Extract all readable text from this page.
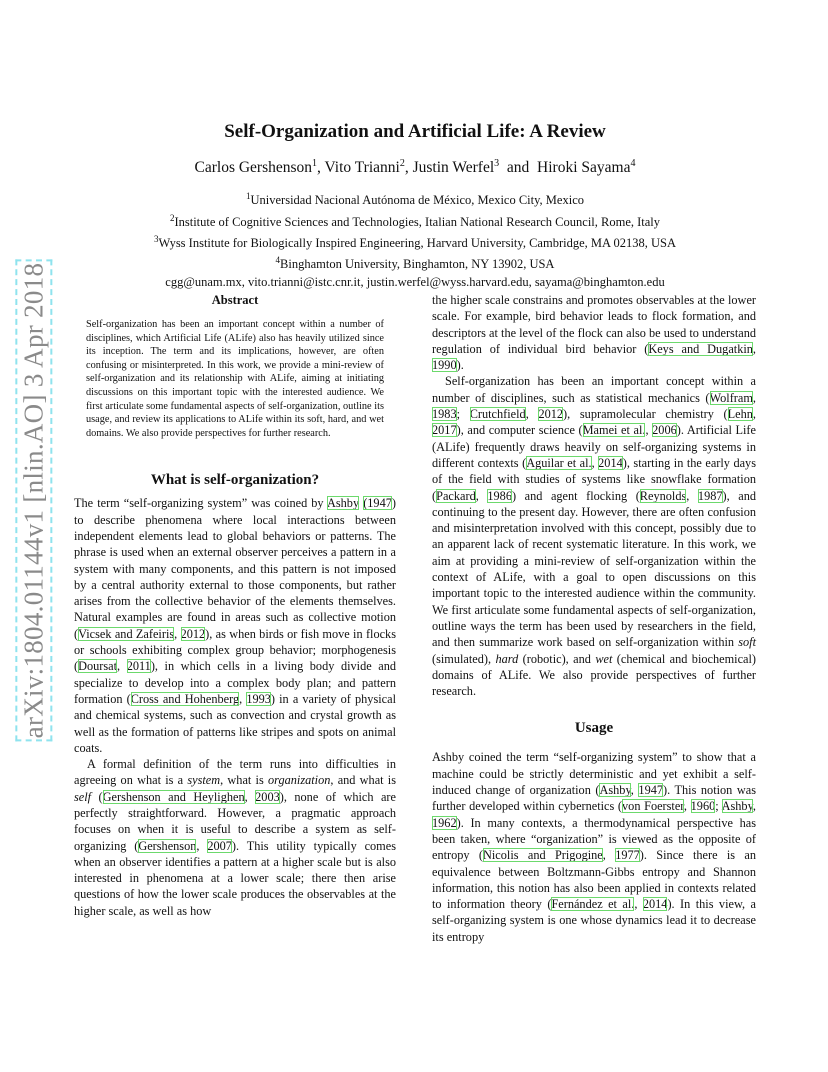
arXiv:1804.01144v1 [nlin.AO] 3 Apr 2018
Self-Organization and Artificial Life: A Review
Carlos Gershenson$^1$, Vito Trianni$^2$, Justin Werfel$^3$  and  Hiroki Sayama$^4$
$^1$Universidad Nacional Autónoma de México, Mexico City, Mexico
$^2$Institute of Cognitive Sciences and Technologies, Italian National Research Council, Rome, Italy
$^3$Wyss Institute for Biologically Inspired Engineering, Harvard University, Cambridge, MA 02138, USA
$^4$Binghamton University, Binghamton, NY 13902, USA
cgg@unam.mx, vito.trianni@istc.cnr.it, justin.werfel@wyss.harvard.edu, sayama@binghamton.edu
Abstract

Self-organization has been an important concept within a number of disciplines, which Artificial Life (ALife) also has heavily utilized since its inception. The term and its implications, however, are often confusing or misinterpreted. In this work, we provide a mini-review of self-organization and its relationship with ALife, aiming at initiating discussions on this important topic with the interested audience. We first articulate some fundamental aspects of self-organization, outline its usage, and review its applications to ALife within its soft, hard, and wet domains. We also provide perspectives for further research.

What is self-organization?

The term “self-organizing system” was coined by Ashby (1947) to describe phenomena where local interactions between independent elements lead to global behaviors or patterns. The phrase is used when an external observer perceives a pattern in a system with many components, and this pattern is not imposed by a central authority external to those components, but rather arises from the collective behavior of the elements themselves. Natural examples are found in areas such as collective motion (Vicsek and Zafeiris, 2012), as when birds or fish move in flocks or schools exhibiting complex group behavior; morphogenesis (Doursat, 2011), in which cells in a living body divide and specialize to develop into a complex body plan; and pattern formation (Cross and Hohenberg, 1993) in a variety of physical and chemical systems, such as convection and crystal growth as well as the formation of patterns like stripes and spots on animal coats.

A formal definition of the term runs into difficulties in agreeing on what is a system, what is organization, and what is self (Gershenson and Heylighen, 2003), none of which are perfectly straightforward. However, a pragmatic approach focuses on when it is useful to describe a system as self-organizing (Gershenson, 2007). This utility typically comes when an observer identifies a pattern at a higher scale but is also interested in phenomena at a lower scale; there then arise questions of how the lower scale produces the observables at the higher scale, as well as how

the higher scale constrains and promotes observables at the lower scale. For example, bird behavior leads to flock formation, and descriptors at the level of the flock can also be used to understand regulation of individual bird behavior (Keys and Dugatkin, 1990).

Self-organization has been an important concept within a number of disciplines, such as statistical mechanics (Wolfram, 1983; Crutchfield, 2012), supramolecular chemistry (Lehn, 2017), and computer science (Mamei et al., 2006). Artificial Life (ALife) frequently draws heavily on self-organizing systems in different contexts (Aguilar et al., 2014), starting in the early days of the field with studies of systems like snowflake formation (Packard, 1986) and agent flocking (Reynolds, 1987), and continuing to the present day. However, there are often confusion and misinterpretation involved with this concept, possibly due to an apparent lack of recent systematic literature. In this work, we aim at providing a mini-review of self-organization within the context of ALife, with a goal to open discussions on this important topic to the interested audience within the community. We first articulate some fundamental aspects of self-organization, outline ways the term has been used by researchers in the field, and then summarize work based on self-organization within soft (simulated), hard (robotic), and wet (chemical and biochemical) domains of ALife. We also provide perspectives of further research.

Usage

Ashby coined the term “self-organizing system” to show that a machine could be strictly deterministic and yet exhibit a self-induced change of organization (Ashby, 1947). This notion was further developed within cybernetics (von Foerster, 1960; Ashby, 1962). In many contexts, a thermodynamical perspective has been taken, where “organization” is viewed as the opposite of entropy (Nicolis and Prigogine, 1977). Since there is an equivalence between Boltzmann-Gibbs entropy and Shannon information, this notion has also been applied in contexts related to information theory (Fernández et al., 2014). In this view, a self-organizing system is one whose dynamics lead it to decrease its entropy
